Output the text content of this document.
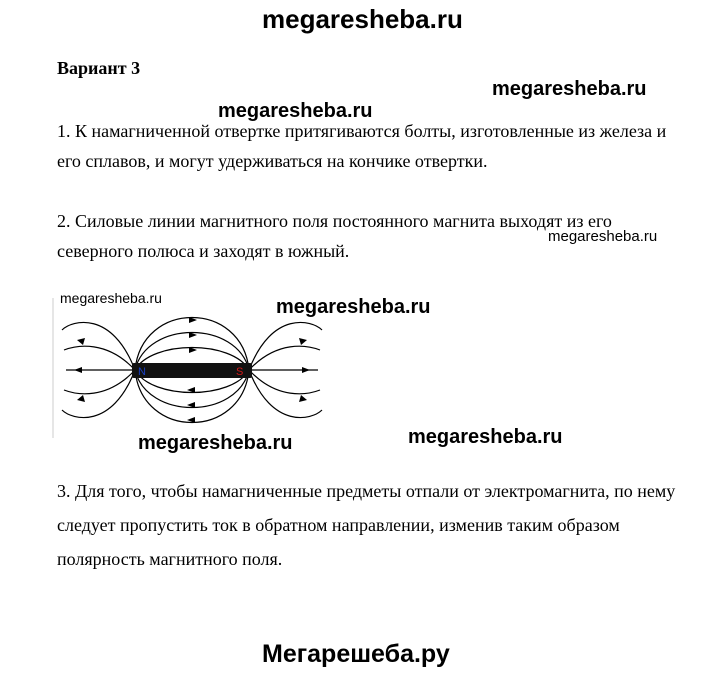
megaresheba.ru
Вариант 3
megaresheba.ru
megaresheba.ru
1. К намагниченной отвертке притягиваются болты, изготовленные из железа и его сплавов, и могут удерживаться на кончике отвертки.
2. Силовые линии магнитного поля постоянного магнита выходят из его северного полюса и заходят в южный.
megaresheba.ru
megaresheba.ru	megaresheba.ru
N	S
megaresheba.ru	megaresheba.ru
3. Для того, чтобы намагниченные предметы отпали от электромагнита, по нему следует пропустить ток в обратном направлении, изменив таким образом полярность магнитного поля.
Мегарешеба.ру
